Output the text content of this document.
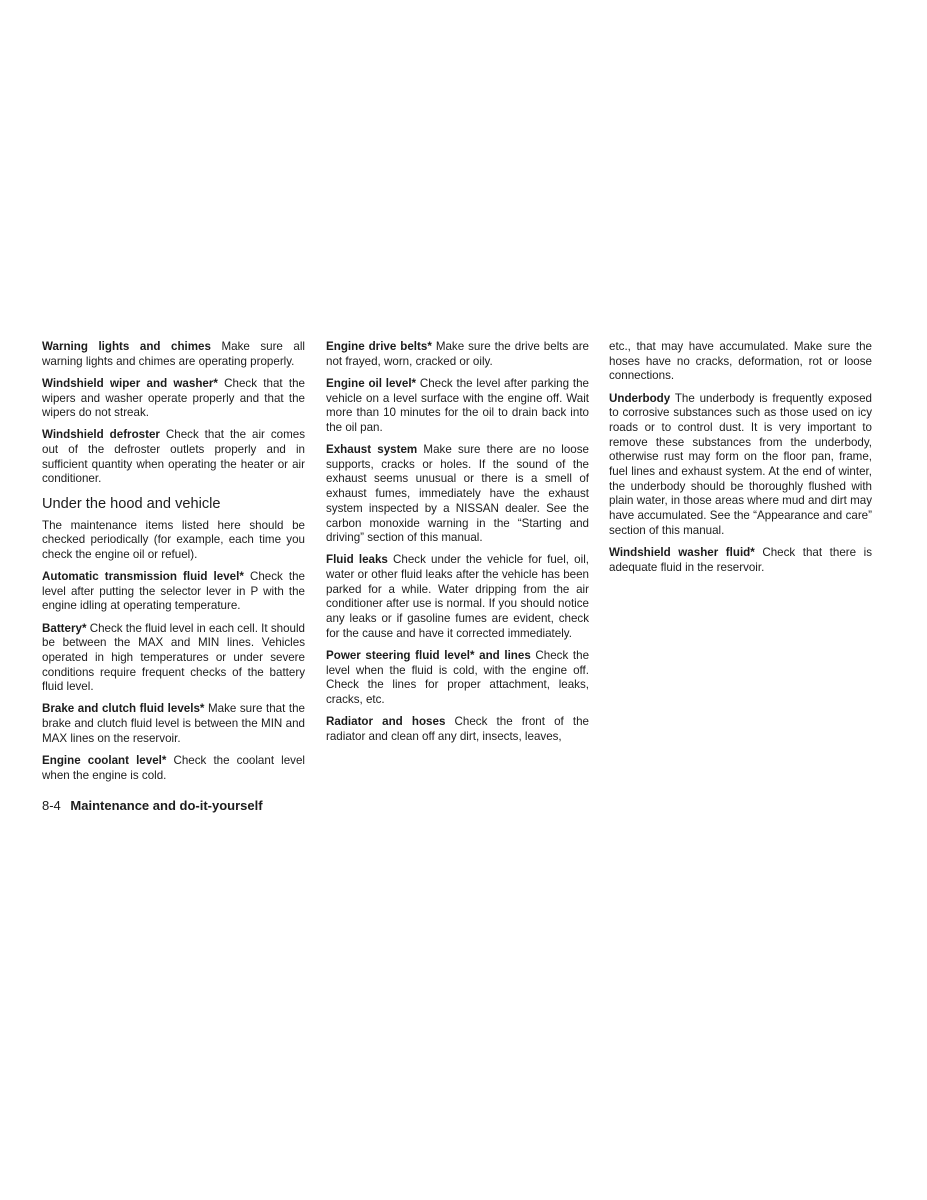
Warning lights and chimes Make sure all warning lights and chimes are operating properly.

Windshield wiper and washer* Check that the wipers and washer operate properly and that the wipers do not streak.

Windshield defroster Check that the air comes out of the defroster outlets properly and in sufficient quantity when operating the heater or air conditioner.

Under the hood and vehicle

The maintenance items listed here should be checked periodically (for example, each time you check the engine oil or refuel).

Automatic transmission fluid level* Check the level after putting the selector lever in P with the engine idling at operating temperature.

Battery* Check the fluid level in each cell. It should be between the MAX and MIN lines. Vehicles operated in high temperatures or under severe conditions require frequent checks of the battery fluid level.

Brake and clutch fluid levels* Make sure that the brake and clutch fluid level is between the MIN and MAX lines on the reservoir.

Engine coolant level* Check the coolant level when the engine is cold.

Engine drive belts* Make sure the drive belts are not frayed, worn, cracked or oily.

Engine oil level* Check the level after parking the vehicle on a level surface with the engine off. Wait more than 10 minutes for the oil to drain back into the oil pan.

Exhaust system Make sure there are no loose supports, cracks or holes. If the sound of the exhaust seems unusual or there is a smell of exhaust fumes, immediately have the exhaust system inspected by a NISSAN dealer. See the carbon monoxide warning in the “Starting and driving” section of this manual.

Fluid leaks Check under the vehicle for fuel, oil, water or other fluid leaks after the vehicle has been parked for a while. Water dripping from the air conditioner after use is normal. If you should notice any leaks or if gasoline fumes are evident, check for the cause and have it corrected immediately.

Power steering fluid level* and lines Check the level when the fluid is cold, with the engine off. Check the lines for proper attachment, leaks, cracks, etc.

Radiator and hoses Check the front of the radiator and clean off any dirt, insects, leaves,

etc., that may have accumulated. Make sure the hoses have no cracks, deformation, rot or loose connections.

Underbody The underbody is frequently exposed to corrosive substances such as those used on icy roads or to control dust. It is very important to remove these substances from the underbody, otherwise rust may form on the floor pan, frame, fuel lines and exhaust system. At the end of winter, the underbody should be thoroughly flushed with plain water, in those areas where mud and dirt may have accumulated. See the “Appearance and care” section of this manual.

Windshield washer fluid* Check that there is adequate fluid in the reservoir.

8-4 Maintenance and do-it-yourself
